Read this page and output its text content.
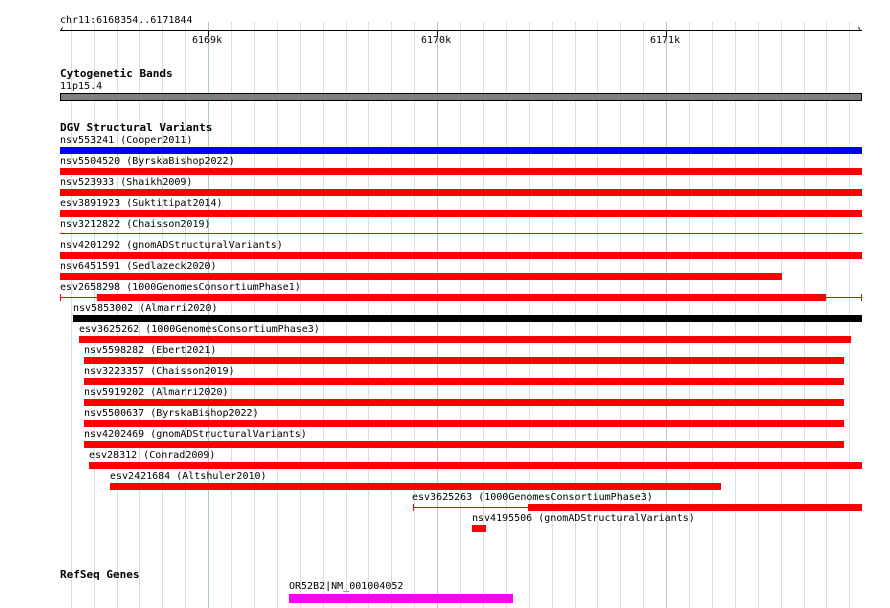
chr11:6168354..6171844
‹	›
6169k	6170k	6171k
Cytogenetic Bands
11p15.4
DGV Structural Variants
nsv553241 (Cooper2011)
nsv5504520 (ByrskaBishop2022)
nsv523933 (Shaikh2009)
esv3891923 (Suktitipat2014)
nsv3212822 (Chaisson2019)
nsv4201292 (gnomADStructuralVariants)
nsv6451591 (Sedlazeck2020)
esv2658298 (1000GenomesConsortiumPhase1)
nsv5853002 (Almarri2020)
esv3625262 (1000GenomesConsortiumPhase3)
nsv5598282 (Ebert2021)
nsv3223357 (Chaisson2019)
nsv5919202 (Almarri2020)
nsv5500637 (ByrskaBishop2022)
nsv4202469 (gnomADStructuralVariants)
esv28312 (Conrad2009)
esv2421684 (Altshuler2010)
esv3625263 (1000GenomesConsortiumPhase3)
nsv4195506 (gnomADStructuralVariants)
RefSeq Genes
OR52B2|NM_001004052
